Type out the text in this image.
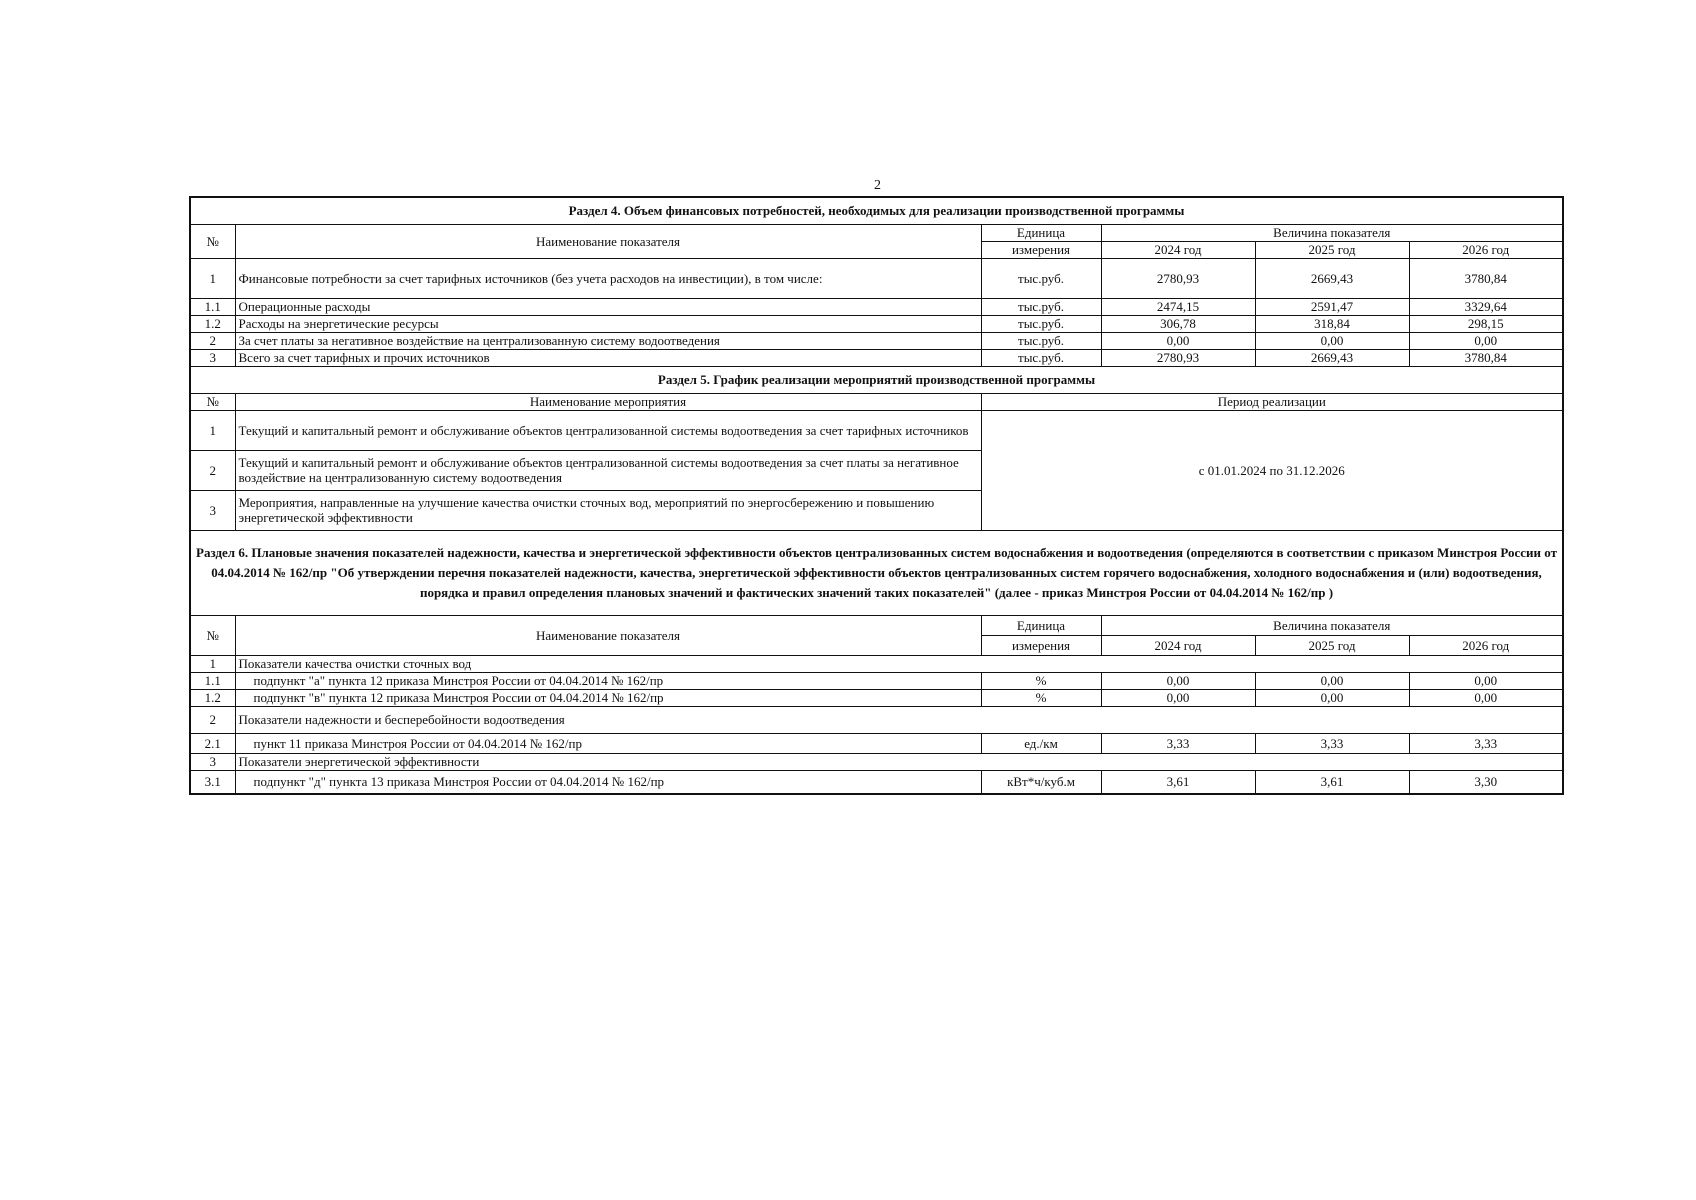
2
Раздел 4. Объем финансовых потребностей, необходимых для реализации производственной программы					
№	Наименование показателя	Единица	Величина показателя		
		измерения	2024 год	2025 год	2026 год
1	Финансовые потребности за счет тарифных источников (без учета расходов на инвестиции), в том числе:	тыс.руб.	2780,93	2669,43	3780,84
1.1	Операционные расходы	тыс.руб.	2474,15	2591,47	3329,64
1.2	Расходы на энергетические ресурсы	тыс.руб.	306,78	318,84	298,15
2	За счет платы за негативное воздействие на централизованную систему водоотведения	тыс.руб.	0,00	0,00	0,00
3	Всего за счет тарифных и прочих источников	тыс.руб.	2780,93	2669,43	3780,84
Раздел 5. График реализации мероприятий производственной программы					
№	Наименование мероприятия	Период реализации			
1	Текущий и капитальный ремонт и обслуживание объектов централизованной системы водоотведения за счет тарифных источников	с 01.01.2024 по 31.12.2026			
2	Текущий и капитальный ремонт и обслуживание объектов централизованной системы водоотведения за счет платы за негативное воздействие на централизованную систему водоотведения				
3	Мероприятия, направленные на улучшение качества очистки сточных вод, мероприятий по энергосбережению и повышению энергетической эффективности				
Раздел 6. Плановые значения показателей надежности, качества и энергетической эффективности объектов централизованных систем водоснабжения и водоотведения (определяются в соответствии с приказом Минстроя России от 04.04.2014 № 162/пр "Об утверждении перечня показателей надежности, качества, энергетической эффективности объектов централизованных систем горячего водоснабжения, холодного водоснабжения и (или) водоотведения, порядка и правил определения плановых значений и фактических значений таких показателей" (далее - приказ Минстроя России от 04.04.2014 № 162/пр )					
№	Наименование показателя	Единица	Величина показателя		
		измерения	2024 год	2025 год	2026 год
1	Показатели качества очистки сточных вод				
1.1	подпункт "а" пункта 12 приказа Минстроя России от 04.04.2014 № 162/пр	%	0,00	0,00	0,00
1.2	подпункт "в" пункта 12 приказа Минстроя России от 04.04.2014 № 162/пр	%	0,00	0,00	0,00
2	Показатели надежности и бесперебойности водоотведения				
2.1	пункт 11 приказа Минстроя России от 04.04.2014 № 162/пр	ед./км	3,33	3,33	3,33
3	Показатели энергетической эффективности				
3.1	подпункт "д" пункта 13 приказа Минстроя России от 04.04.2014 № 162/пр	кВт*ч/куб.м	3,61	3,61	3,30
